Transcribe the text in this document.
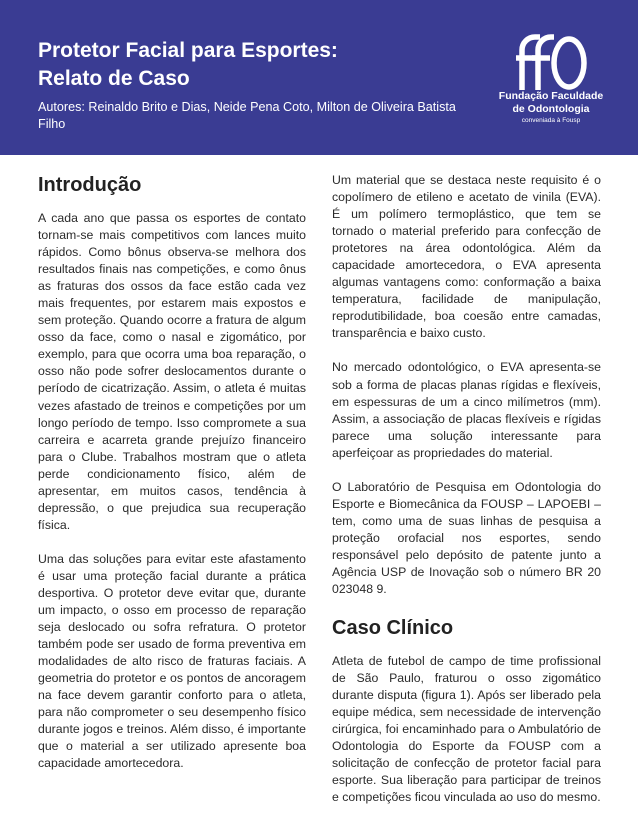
Protetor Facial para Esportes:
Relato de Caso

Autores: Reinaldo Brito e Dias, Neide Pena Coto, Milton de Oliveira Batista Filho

Fundação Faculdade
de Odontologia
conveniada à Fousp
Introdução

A cada ano que passa os esportes de contato tornam-se mais competitivos com lances muito rápidos. Como bônus observa-se melhora dos resultados finais nas competições, e como ônus as fraturas dos ossos da face estão cada vez mais frequentes, por estarem mais expostos e sem proteção. Quando ocorre a fratura de algum osso da face, como o nasal e zigomático, por exemplo, para que ocorra uma boa reparação, o osso não pode sofrer deslocamentos durante o período de cicatrização. Assim, o atleta é muitas vezes afastado de treinos e competições por um longo período de tempo. Isso compromete a sua carreira e acarreta grande prejuízo financeiro para o Clube. Trabalhos mostram que o atleta perde condicionamento físico, além de apresentar, em muitos casos, tendência à depressão, o que prejudica sua recuperação física.

Uma das soluções para evitar este afastamento é usar uma proteção facial durante a prática desportiva. O protetor deve evitar que, durante um impacto, o osso em processo de reparação seja deslocado ou sofra refratura. O protetor também pode ser usado de forma preventiva em modalidades de alto risco de fraturas faciais. A geometria do protetor e os pontos de ancoragem na face devem garantir conforto para o atleta, para não comprometer o seu desempenho físico durante jogos e treinos. Além disso, é importante que o material a ser utilizado apresente boa capacidade amortecedora.

Um material que se destaca neste requisito é o copolímero de etileno e acetato de vinila (EVA). É um polímero termoplástico, que tem se tornado o material preferido para confecção de protetores na área odontológica. Além da capacidade amortecedora, o EVA apresenta algumas vantagens como: conformação a baixa temperatura, facilidade de manipulação, reprodutibilidade, boa coesão entre camadas, transparência e baixo custo.

No mercado odontológico, o EVA apresenta-se sob a forma de placas planas rígidas e flexíveis, em espessuras de um a cinco milímetros (mm). Assim, a associação de placas flexíveis e rígidas parece uma solução interessante para aperfeiçoar as propriedades do material.

O Laboratório de Pesquisa em Odontologia do Esporte e Biomecânica da FOUSP – LAPOEBI – tem, como uma de suas linhas de pesquisa a proteção orofacial nos esportes, sendo responsável pelo depósito de patente junto a Agência USP de Inovação sob o número BR 20 023048 9.

Caso Clínico

Atleta de futebol de campo de time profissional de São Paulo, fraturou o osso zigomático durante disputa (figura 1). Após ser liberado pela equipe médica, sem necessidade de intervenção cirúrgica, foi encaminhado para o Ambulatório de Odontologia do Esporte da FOUSP com a solicitação de confecção de protetor facial para esporte. Sua liberação para participar de treinos e competições ficou vinculada ao uso do mesmo.
